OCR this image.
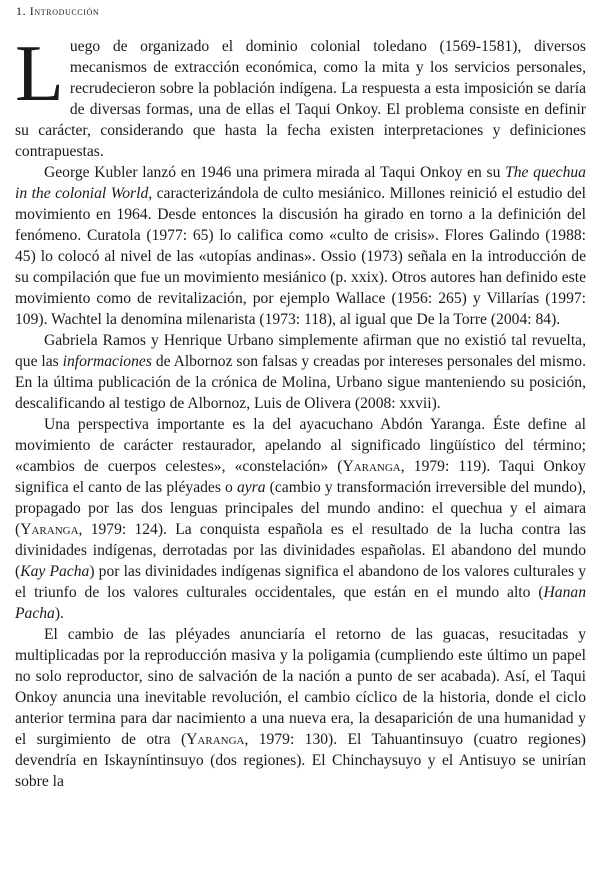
1. Introducción

Luego de organizado el dominio colonial toledano (1569-1581), diversos mecanismos de extracción económica, como la mita y los servicios personales, recrudecieron sobre la población indígena. La respuesta a esta imposición se daría de diversas formas, una de ellas el Taqui Onkoy. El problema consiste en definir su carácter, considerando que hasta la fecha existen interpretaciones y definiciones contrapuestas.

George Kubler lanzó en 1946 una primera mirada al Taqui Onkoy en su The quechua in the colonial World, caracterizándola de culto mesiánico. Millones reinició el estudio del movimiento en 1964. Desde entonces la discusión ha girado en torno a la definición del fenómeno. Curatola (1977: 65) lo califica como «culto de crisis». Flores Galindo (1988: 45) lo colocó al nivel de las «utopías andinas». Ossio (1973) señala en la introducción de su compilación que fue un movimiento mesiánico (p. xxix). Otros autores han definido este movimiento como de revitalización, por ejemplo Wallace (1956: 265) y Villarías (1997: 109). Wachtel la denomina milenarista (1973: 118), al igual que De la Torre (2004: 84).

Gabriela Ramos y Henrique Urbano simplemente afirman que no existió tal revuelta, que las informaciones de Albornoz son falsas y creadas por intereses personales del mismo. En la última publicación de la crónica de Molina, Urbano sigue manteniendo su posición, descalificando al testigo de Albornoz, Luis de Olivera (2008: xxvii).

Una perspectiva importante es la del ayacuchano Abdón Yaranga. Éste define al movimiento de carácter restaurador, apelando al significado lingüístico del término; «cambios de cuerpos celestes», «constelación» (Yaranga, 1979: 119). Taqui Onkoy significa el canto de las pléyades o ayra (cambio y transformación irreversible del mundo), propagado por las dos lenguas principales del mundo andino: el quechua y el aimara (Yaranga, 1979: 124). La conquista española es el resultado de la lucha contra las divinidades indígenas, derrotadas por las divinidades españolas. El abandono del mundo (Kay Pacha) por las divinidades indígenas significa el abandono de los valores culturales y el triunfo de los valores culturales occidentales, que están en el mundo alto (Hanan Pacha).

El cambio de las pléyades anunciaría el retorno de las guacas, resucitadas y multiplicadas por la reproducción masiva y la poligamia (cumpliendo este último un papel no solo reproductor, sino de salvación de la nación a punto de ser acabada). Así, el Taqui Onkoy anuncia una inevitable revolución, el cambio cíclico de la historia, donde el ciclo anterior termina para dar nacimiento a una nueva era, la desaparición de una humanidad y el surgimiento de otra (Yaranga, 1979: 130). El Tahuantinsuyo (cuatro regiones) devendría en Iskayníntinsuyo (dos regiones). El Chinchaysuyo y el Antisuyo se unirían sobre la
